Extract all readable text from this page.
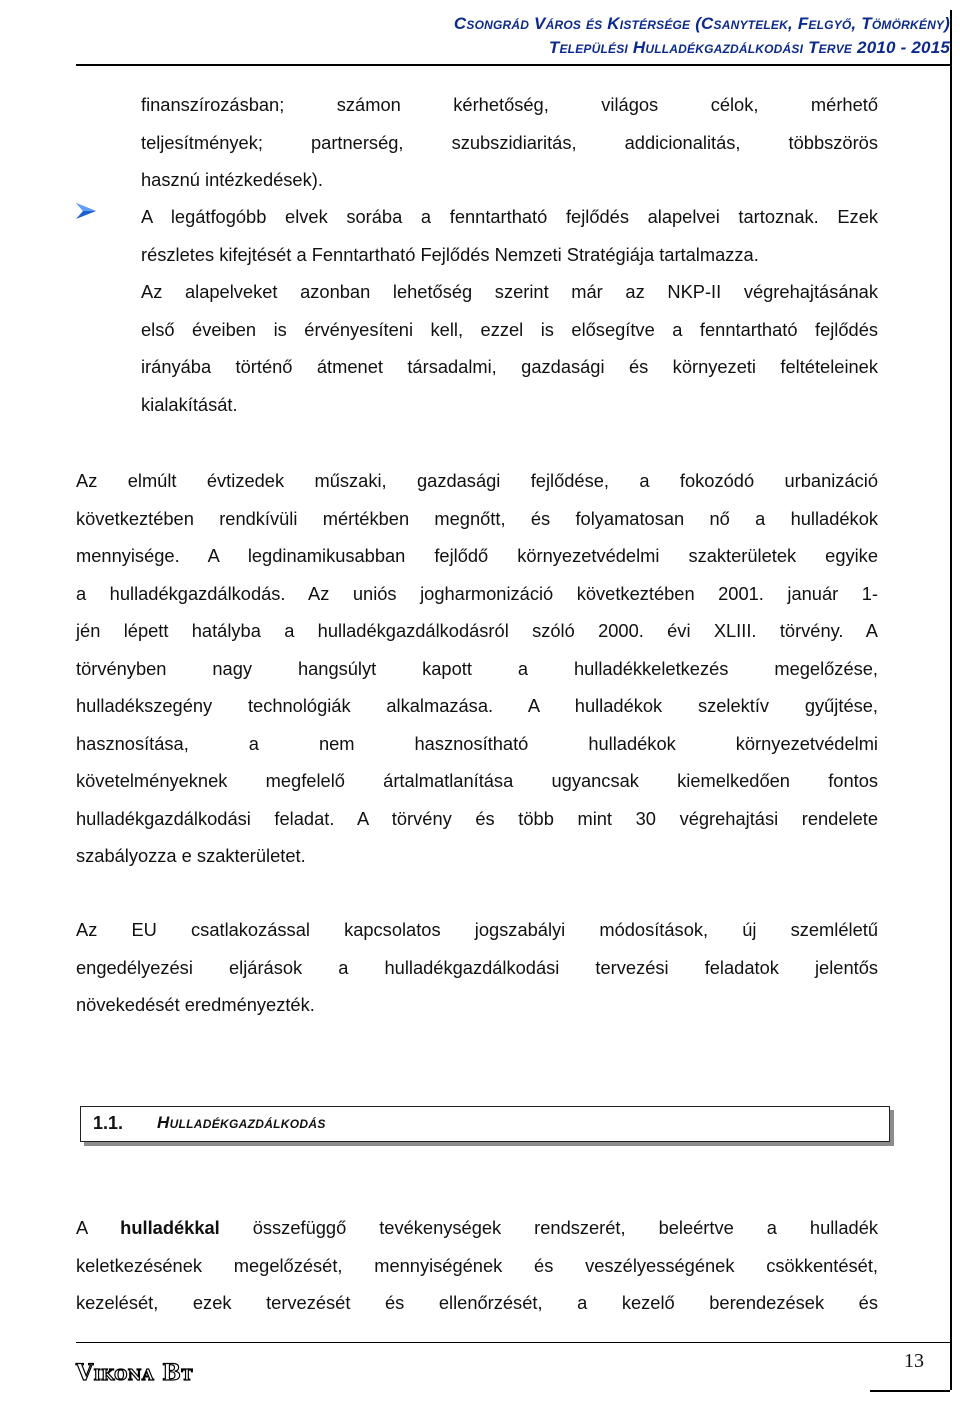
Csongrád Város és Kistérsége (Csanytelek, Felgyő, Tömörkény)
Települési Hulladékgazdálkodási Terve 2010 - 2015
finanszírozásban; számon kérhetőség, világos célok, mérhető
teljesítmények; partnerség, szubszidiaritás, addicionalitás, többszörös
hasznú intézkedések).
A legátfogóbb elvek sorába a fenntartható fejlődés alapelvei tartoznak. Ezek
részletes kifejtését a Fenntartható Fejlődés Nemzeti Stratégiája tartalmazza.
Az alapelveket azonban lehetőség szerint már az NKP-II végrehajtásának
első éveiben is érvényesíteni kell, ezzel is elősegítve a fenntartható fejlődés
irányába történő átmenet társadalmi, gazdasági és környezeti feltételeinek
kialakítását.
Az elmúlt évtizedek műszaki, gazdasági fejlődése, a fokozódó urbanizáció
következtében rendkívüli mértékben megnőtt, és folyamatosan nő a hulladékok
mennyisége. A legdinamikusabban fejlődő környezetvédelmi szakterületek egyike
a hulladékgazdálkodás. Az uniós jogharmonizáció következtében 2001. január 1-
jén lépett hatályba a hulladékgazdálkodásról szóló 2000. évi XLIII. törvény. A
törvényben nagy hangsúlyt kapott a hulladékkeletkezés megelőzése,
hulladékszegény technológiák alkalmazása. A hulladékok szelektív gyűjtése,
hasznosítása, a nem hasznosítható hulladékok környezetvédelmi
követelményeknek megfelelő ártalmatlanítása ugyancsak kiemelkedően fontos
hulladékgazdálkodási feladat. A törvény és több mint 30 végrehajtási rendelete
szabályozza e szakterületet.
Az EU csatlakozással kapcsolatos jogszabályi módosítások, új szemléletű
engedélyezési eljárások a hulladékgazdálkodási tervezési feladatok jelentős
növekedését eredményezték.
1.1. Hulladékgazdálkodás
A hulladékkal összefüggő tevékenységek rendszerét, beleértve a hulladék
keletkezésének megelőzését, mennyiségének és veszélyességének csökkentését,
kezelését, ezek tervezését és ellenőrzését, a kezelő berendezések és
Vikona Bt	13
